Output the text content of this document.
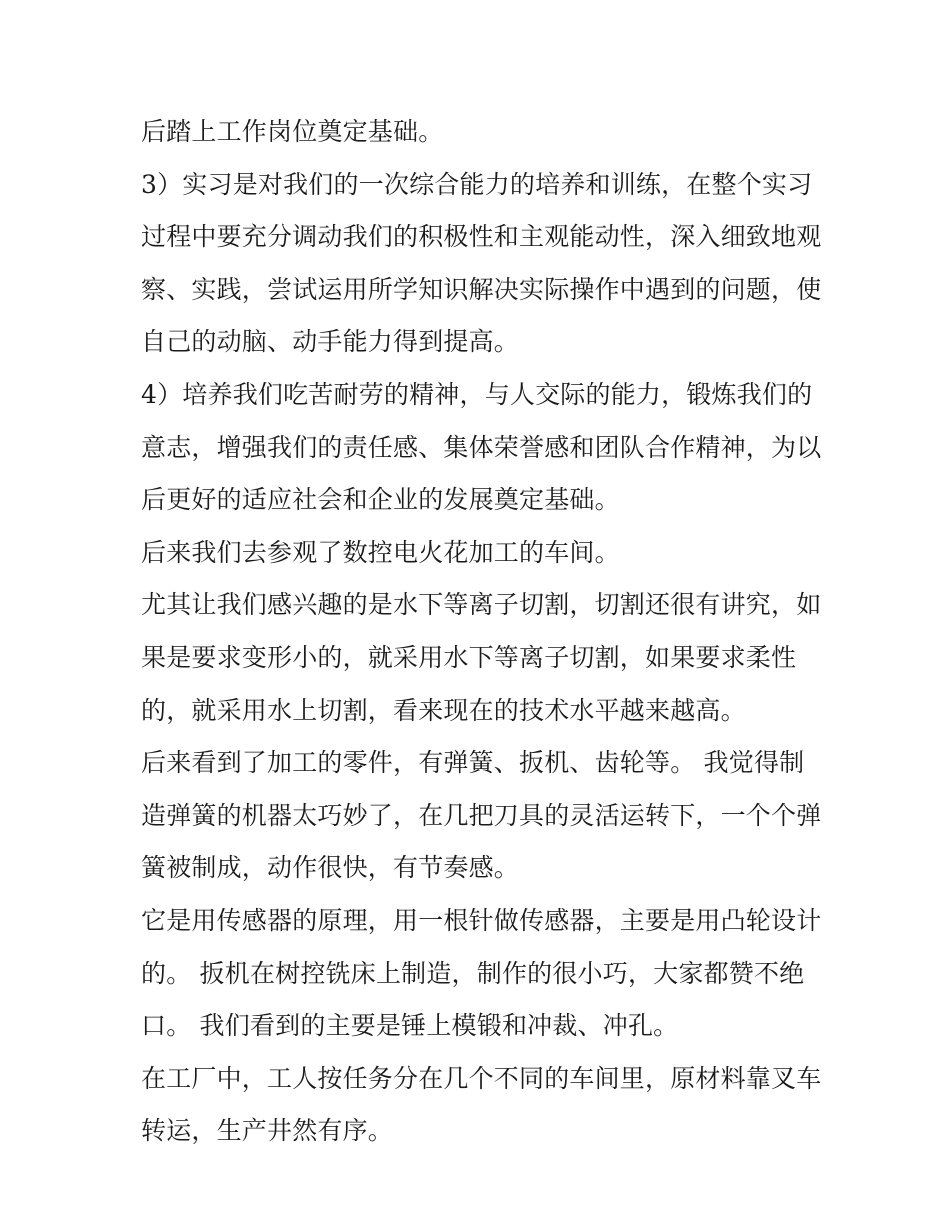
后踏上工作岗位奠定基础。
3）实习是对我们的一次综合能力的培养和训练，在整个实习
过程中要充分调动我们的积极性和主观能动性，深入细致地观
察、实践，尝试运用所学知识解决实际操作中遇到的问题，使
自己的动脑、动手能力得到提高。
4）培养我们吃苦耐劳的精神，与人交际的能力，锻炼我们的
意志，增强我们的责任感、集体荣誉感和团队合作精神，为以
后更好的适应社会和企业的发展奠定基础。
后来我们去参观了数控电火花加工的车间。
尤其让我们感兴趣的是水下等离子切割，切割还很有讲究，如
果是要求变形小的，就采用水下等离子切割，如果要求柔性
的，就采用水上切割，看来现在的技术水平越来越高。
后来看到了加工的零件，有弹簧、扳机、齿轮等。 我觉得制
造弹簧的机器太巧妙了，在几把刀具的灵活运转下，一个个弹
簧被制成，动作很快，有节奏感。
它是用传感器的原理，用一根针做传感器，主要是用凸轮设计
的。 扳机在树控铣床上制造，制作的很小巧，大家都赞不绝
口。 我们看到的主要是锤上模锻和冲裁、冲孔。
在工厂中，工人按任务分在几个不同的车间里，原材料靠叉车
转运，生产井然有序。
